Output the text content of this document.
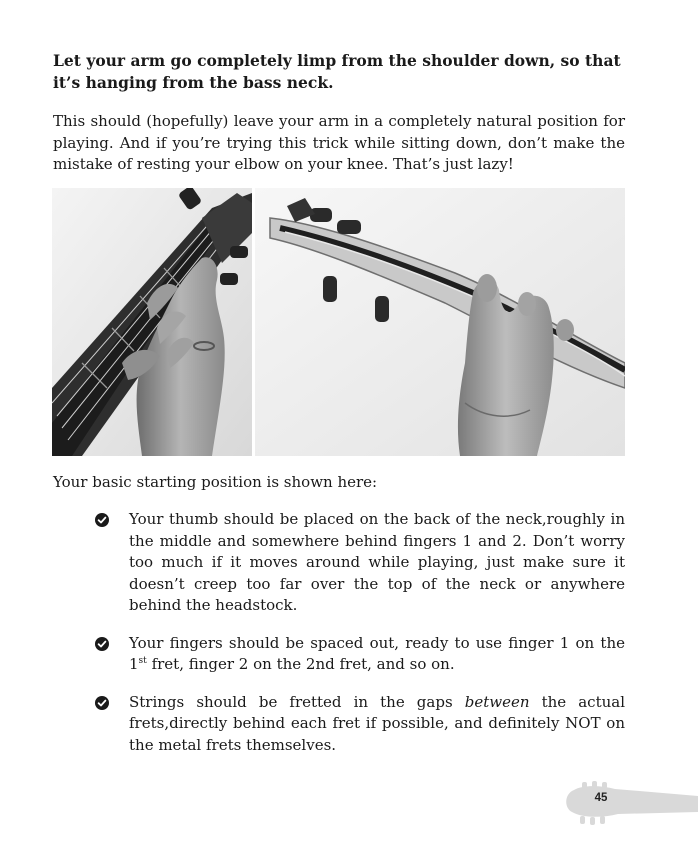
Let your arm go completely limp from the shoulder down, so that it’s hanging from the bass neck.

This should (hopefully) leave your arm in a completely natural position for playing. And if you’re trying this trick while sitting down, don’t make the mistake of resting your elbow on your knee. That’s just lazy!

Your basic starting position is shown here:

Your thumb should be placed on the back of the neck,roughly in the middle and somewhere behind fingers 1 and 2. Don’t worry too much if it moves around while playing, just make sure it doesn’t creep too far over the top of the neck or anywhere behind the headstock.
Your fingers should be spaced out, ready to use finger 1 on the 1st fret, finger 2 on the 2nd fret, and so on.
Strings should be fretted in the gaps between the actual frets,directly behind each fret if possible, and definitely NOT on the metal frets themselves.
45
